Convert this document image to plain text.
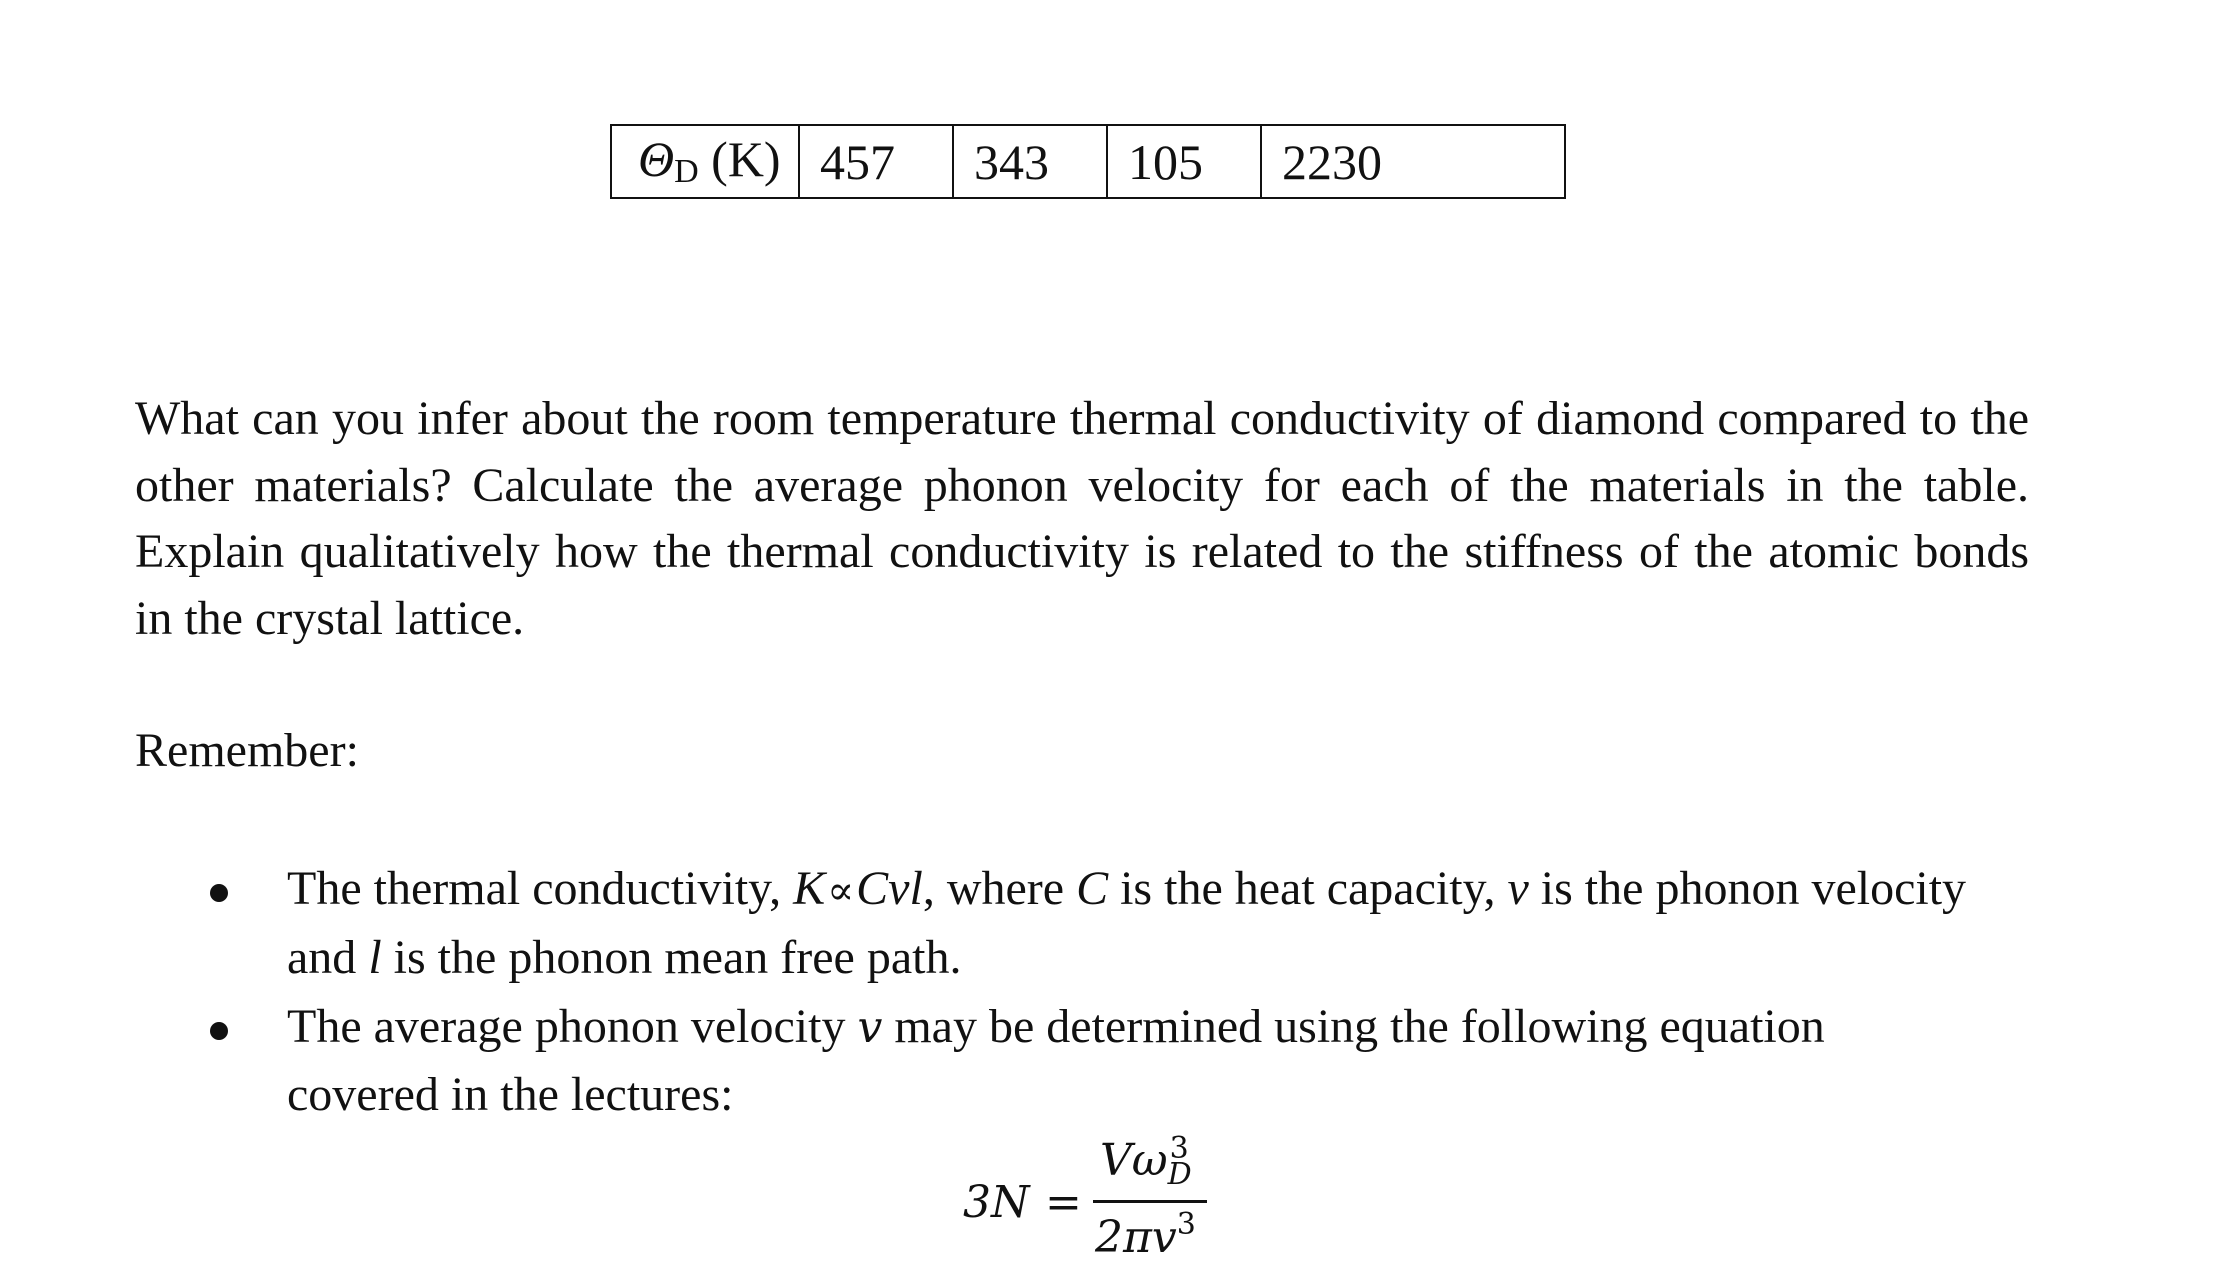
ΘD (K)	457	343	105	2230

What can you infer about the room temperature thermal conductivity of diamond compared to the other materials? Calculate the average phonon velocity for each of the materials in the table. Explain qualitatively how the thermal conductivity is related to the stiffness of the atomic bonds in the crystal lattice.

Remember:

The thermal conductivity, K∝Cvl, where C is the heat capacity, v is the phonon velocity and l is the phonon mean free path.
The average phonon velocity v may be determined using the following equation covered in the lectures:
3N =
Vω 3
D
$2\pi v^3$
